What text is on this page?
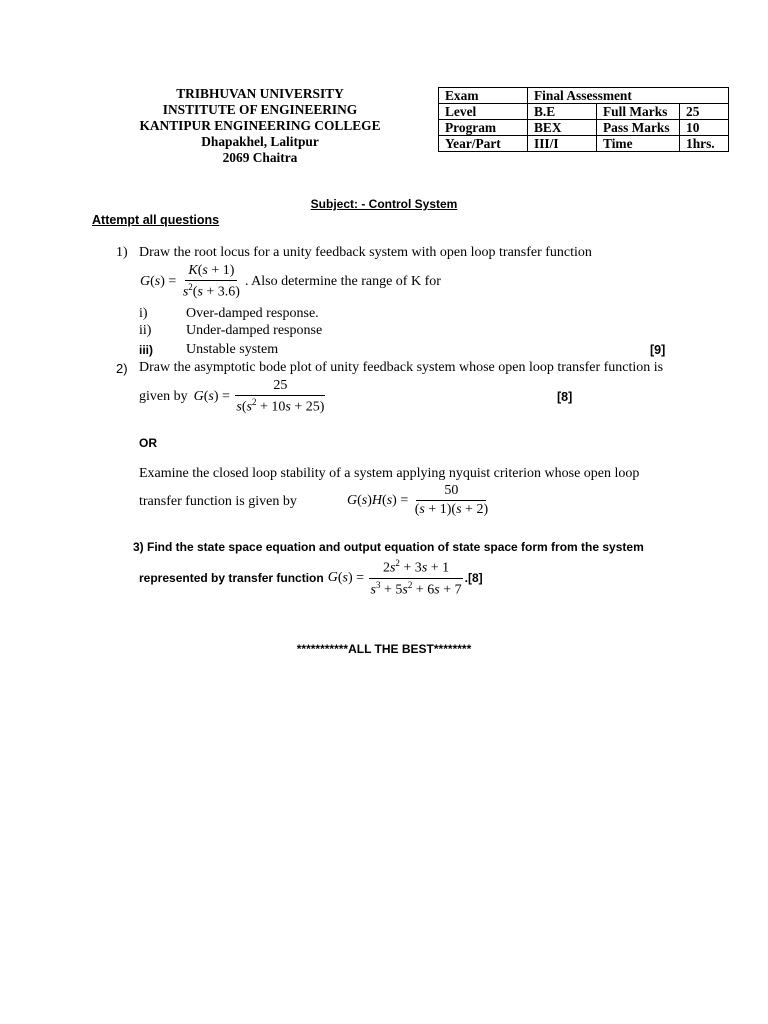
TRIBHUVAN UNIVERSITY
INSTITUTE OF ENGINEERING
KANTIPUR ENGINEERING COLLEGE
Dhapakhel, Lalitpur
2069 Chaitra
Exam	Final Assessment		
Level	B.E	Full Marks	25
Program	BEX	Pass Marks	10
Year/Part	III/I	Time	1hrs.
Subject: - Control System
Attempt all questions
1) Draw the root locus for a unity feedback system with open loop transfer function
$G(s) = \frac{K(s + 1)}{s^2(s + 3.6)}$ . Also determine the range of K for
i)	Over-damped response.
ii) Under-damped response
iii) Unstable system	[9]
2) Draw the asymptotic bode plot of unity feedback system whose open loop transfer function is
given by $G(s) = \frac{25}{s(s^2 + 10s + 25)}$	[8]
OR
Examine the closed loop stability of a system applying nyquist criterion whose open loop
transfer function is given by	$G(s)H(s) = \frac{50}{(s + 1)(s + 2)}$
3) Find the state space equation and output equation of state space form from the system
represented by transfer function $G(s) = \frac{2s^2 + 3s + 1}{s^3 + 5s^2 + 6s + 7} .[8]$
***********ALL THE BEST********
